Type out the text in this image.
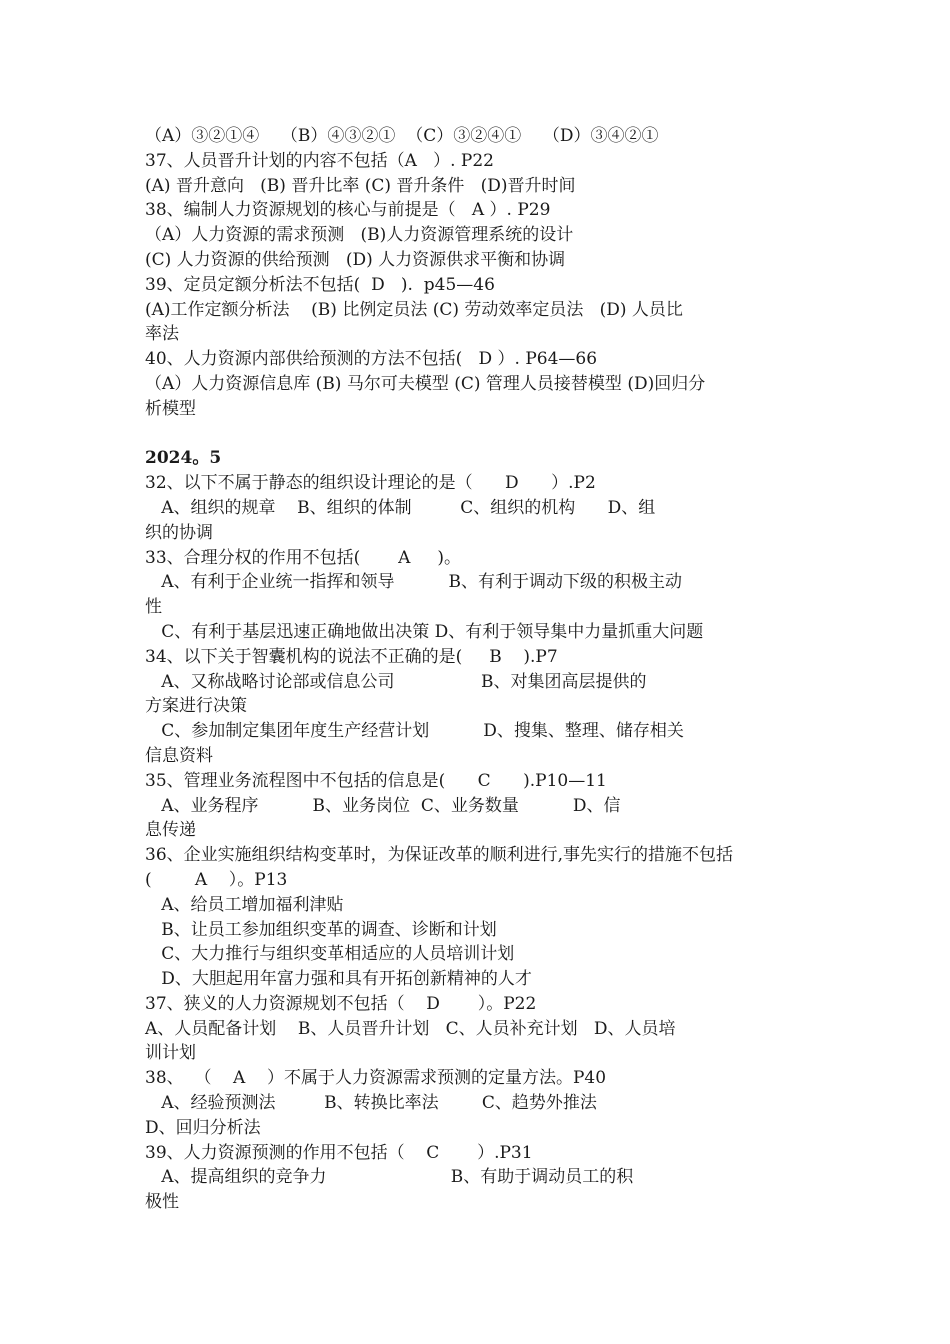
（A）③②①④    （B）④③②①  （C）③②④①    （D）③④②①
37、人员晋升计划的内容不包括（A   ）. P22
(A) 晋升意向   (B) 晋升比率 (C) 晋升条件   (D)晋升时间
38、编制人力资源规划的核心与前提是（   A ）. P29
（A）人力资源的需求预测   (B)人力资源管理系统的设计
(C) 人力资源的供给预测   (D) 人力资源供求平衡和协调
39、定员定额分析法不包括(  D   ).  p45—46
(A)工作定额分析法    (B) 比例定员法 (C) 劳动效率定员法   (D) 人员比
率法
40、人力资源内部供给预测的方法不包括(   D ）. P64—66
（A）人力资源信息库 (B) 马尔可夫模型 (C) 管理人员接替模型 (D)回归分
析模型
2024。5
32、以下不属于静态的组织设计理论的是（      D      ）.P2
A、组织的规章    B、组织的体制         C、组织的机构      D、组
织的协调
33、合理分权的作用不包括(       A     )。
A、有利于企业统一指挥和领导          B、有利于调动下级的积极主动
性
C、有利于基层迅速正确地做出决策 D、有利于领导集中力量抓重大问题
34、以下关于智囊机构的说法不正确的是(     B    ).P7
A、又称战略讨论部或信息公司                B、对集团高层提供的
方案进行决策
C、参加制定集团年度生产经营计划          D、搜集、整理、储存相关
信息资料
35、管理业务流程图中不包括的信息是(      C      ).P10—11
A、业务程序          B、业务岗位  C、业务数量          D、信
息传递
36、企业实施组织结构变革时，为保证改革的顺利进行,事先实行的措施不包括
(        A    ）。P13
A、给员工增加福利津贴
B、让员工参加组织变革的调查、诊断和计划
C、大力推行与组织变革相适应的人员培训计划
D、大胆起用年富力强和具有开拓创新精神的人才
37、狭义的人力资源规划不包括（    D       ）。P22
A、人员配备计划    B、人员晋升计划   C、人员补充计划   D、人员培
训计划
38、  （    A    ）不属于人力资源需求预测的定量方法。P40
A、经验预测法         B、转换比率法        C、趋势外推法
D、回归分析法
39、人力资源预测的作用不包括（    C       ）.P31
A、提高组织的竞争力                       B、有助于调动员工的积
极性
